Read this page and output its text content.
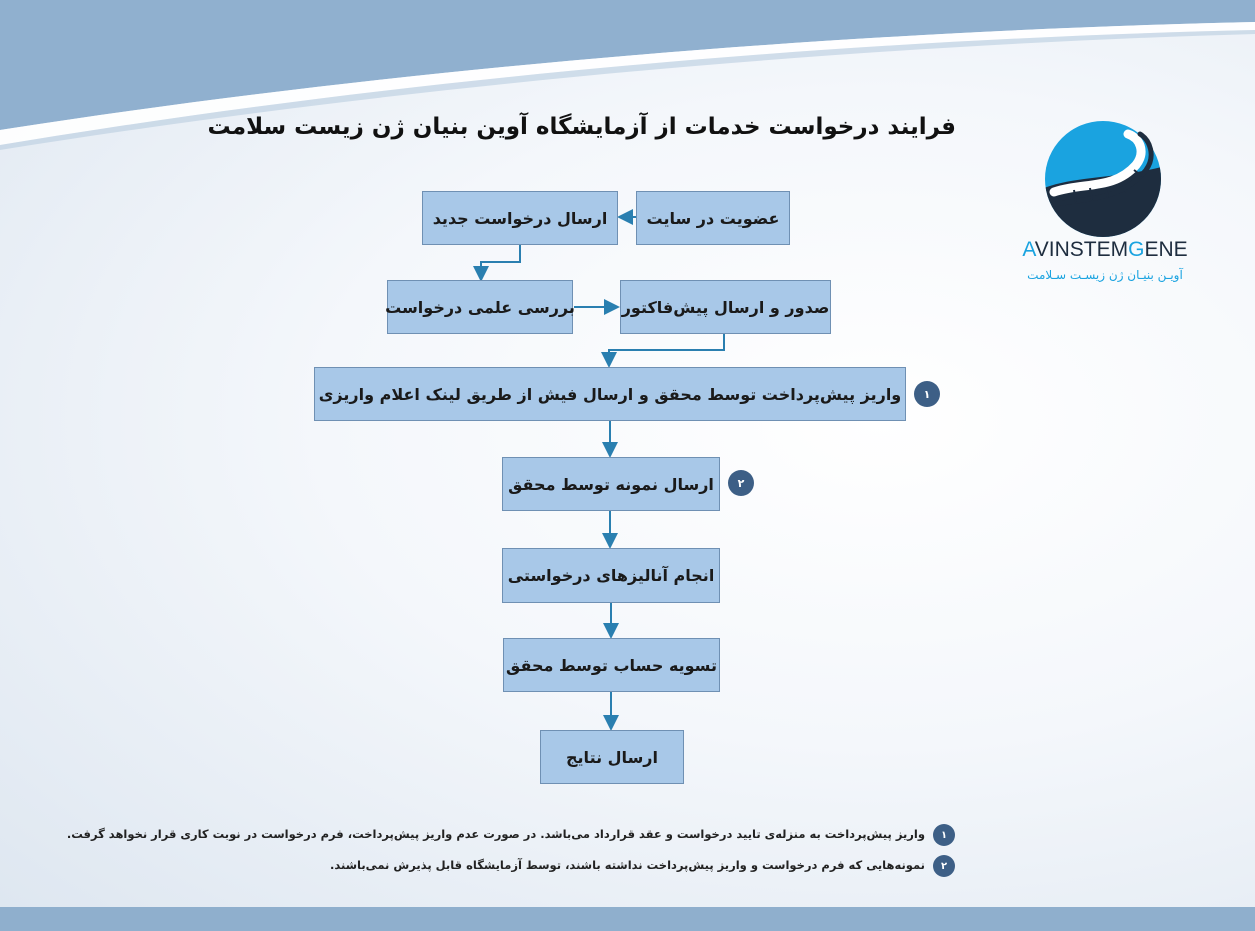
فرایند درخواست خدمات از آزمایشگاه آوین بنیان ژن زیست سلامت
AVINSTEMGENE
آویـن بنیـان ژن زیسـت سـلامت
عضویت در سایت
ارسال درخواست جدید
بررسی علمی درخواست	صدور و ارسال پیش‌فاکتور
واریز پیش‌پرداخت توسط محقق و ارسال فیش از طریق لینک اعلام واریزی
ارسال نمونه توسط محقق
انجام آنالیزهای درخواستی
تسویه حساب توسط محقق
ارسال نتایج
۱
۲
۱
واریز پیش‌پرداخت به منزله‌ی تایید درخواست و عقد قرارداد می‌باشد. در صورت عدم واریز پیش‌پرداخت، فرم درخواست در نوبت کاری قرار نخواهد گرفت.
۲
نمونه‌هایی که فرم درخواست و واریز پیش‌پرداخت نداشته باشند، توسط آزمایشگاه قابل پذیرش نمی‌باشند.
